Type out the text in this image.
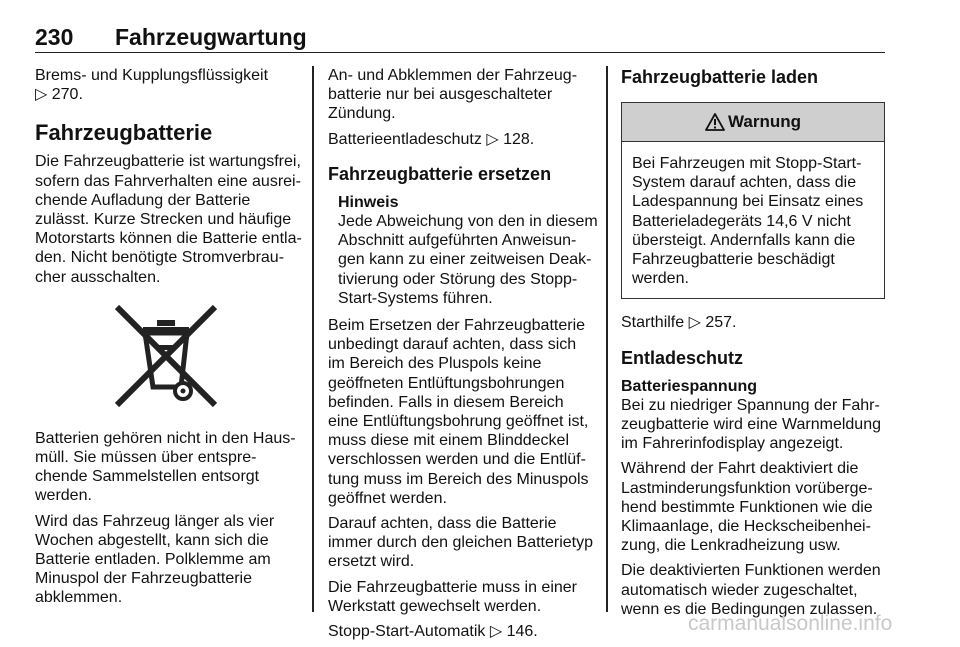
230 Fahrzeugwartung

Brems- und Kupplungsflüssigkeit
▷ 270.

Fahrzeugbatterie

Die Fahrzeugbatterie ist wartungsfrei,
sofern das Fahrverhalten eine ausrei-
chende Aufladung der Batterie
zulässt. Kurze Strecken und häufige
Motorstarts können die Batterie entla-
den. Nicht benötigte Stromverbrau-
cher ausschalten.

Batterien gehören nicht in den Haus-
müll. Sie müssen über entspre-
chende Sammelstellen entsorgt
werden.

Wird das Fahrzeug länger als vier
Wochen abgestellt, kann sich die
Batterie entladen. Polklemme am
Minuspol der Fahrzeugbatterie
abklemmen.

An- und Abklemmen der Fahrzeug-
batterie nur bei ausgeschalteter
Zündung.

Batterieentladeschutz ▷ 128.

Fahrzeugbatterie ersetzen
Hinweis
Jede Abweichung von den in diesem
Abschnitt aufgeführten Anweisun-
gen kann zu einer zeitweisen Deak-
tivierung oder Störung des Stopp-
Start-Systems führen.

Beim Ersetzen der Fahrzeugbatterie
unbedingt darauf achten, dass sich
im Bereich des Pluspols keine
geöffneten Entlüftungsbohrungen
befinden. Falls in diesem Bereich
eine Entlüftungsbohrung geöffnet ist,
muss diese mit einem Blinddeckel
verschlossen werden und die Entlüf-
tung muss im Bereich des Minuspols
geöffnet werden.

Darauf achten, dass die Batterie
immer durch den gleichen Batterietyp
ersetzt wird.

Die Fahrzeugbatterie muss in einer
Werkstatt gewechselt werden.

Stopp-Start-Automatik ▷ 146.

Fahrzeugbatterie laden
Warnung
Bei Fahrzeugen mit Stopp-Start-
System darauf achten, dass die
Ladespannung bei Einsatz eines
Batterieladegeräts 14,6 V nicht
übersteigt. Andernfalls kann die
Fahrzeugbatterie beschädigt
werden.

Starthilfe ▷ 257.

Entladeschutz
Batteriespannung

Bei zu niedriger Spannung der Fahr-
zeugbatterie wird eine Warnmeldung
im Fahrerinfodisplay angezeigt.

Während der Fahrt deaktiviert die
Lastminderungsfunktion vorüberge-
hend bestimmte Funktionen wie die
Klimaanlage, die Heckscheibenhei-
zung, die Lenkradheizung usw.

Die deaktivierten Funktionen werden
automatisch wieder zugeschaltet,
wenn es die Bedingungen zulassen.

carmanualsonline.info
